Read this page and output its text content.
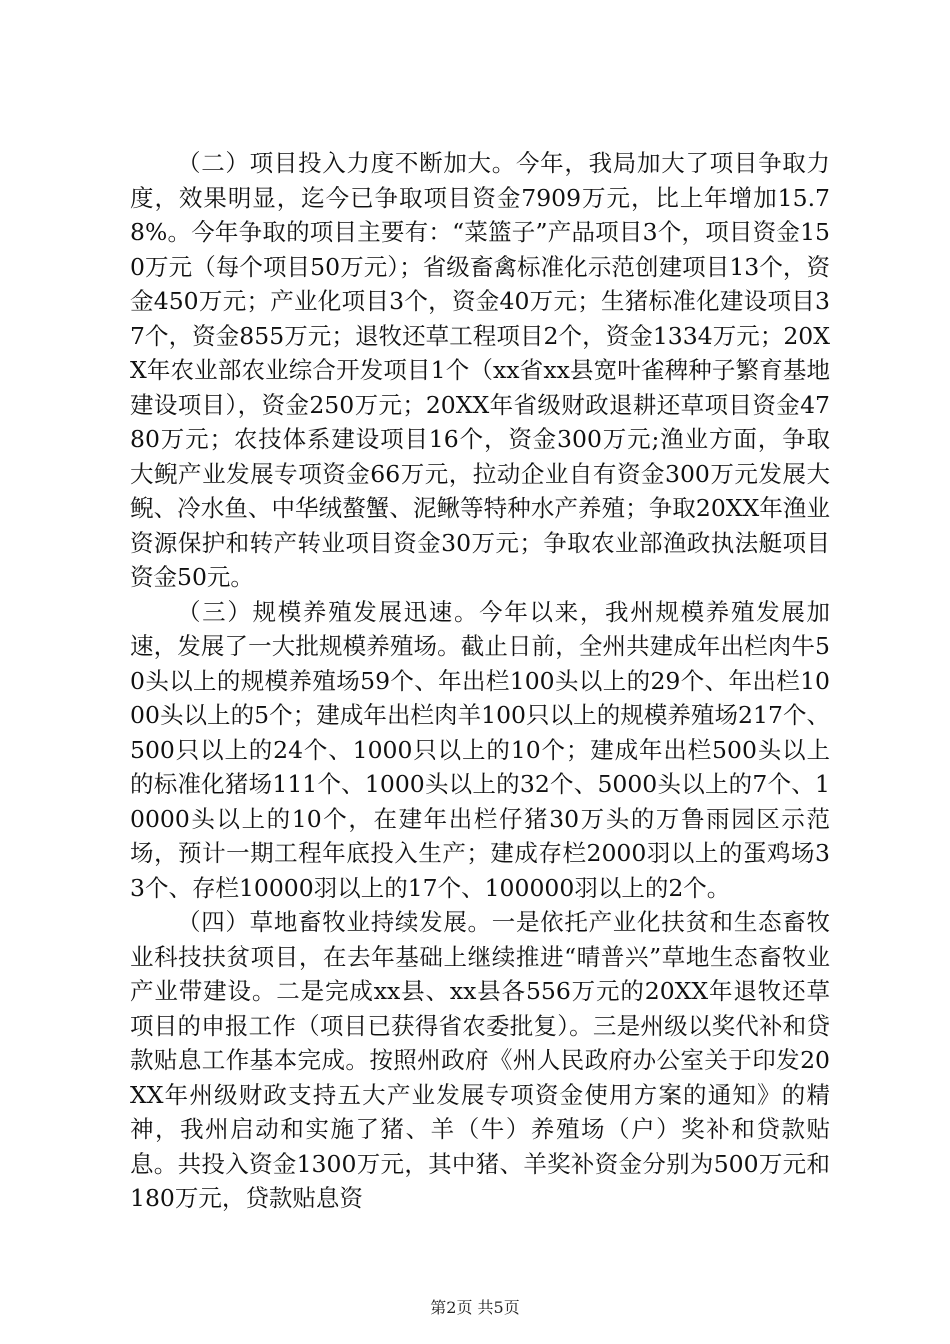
（二）项目投入力度不断加大。今年，我局加大了项目争取力度，效果明显，迄今已争取项目资金7909万元，比上年增加15.78%。今年争取的项目主要有：“菜篮子”产品项目3个，项目资金150万元（每个项目50万元）；省级畜禽标准化示范创建项目13个，资金450万元；产业化项目3个，资金40万元；生猪标准化建设项目37个，资金855万元；退牧还草工程项目2个，资金1334万元；20XX年农业部农业综合开发项目1个（xx省xx县宽叶雀稗种子繁育基地建设项目），资金250万元；20XX年省级财政退耕还草项目资金4780万元；农技体系建设项目16个，资金300万元;渔业方面，争取大鲵产业发展专项资金66万元，拉动企业自有资金300万元发展大鲵、冷水鱼、中华绒螯蟹、泥鳅等特种水产养殖；争取20XX年渔业资源保护和转产转业项目资金30万元；争取农业部渔政执法艇项目资金50元。

（三）规模养殖发展迅速。今年以来，我州规模养殖发展加速，发展了一大批规模养殖场。截止日前，全州共建成年出栏肉牛50头以上的规模养殖场59个、年出栏100头以上的29个、年出栏1000头以上的5个；建成年出栏肉羊100只以上的规模养殖场217个、500只以上的24个、1000只以上的10个；建成年出栏500头以上的标准化猪场111个、1000头以上的32个、5000头以上的7个、10000头以上的10个，在建年出栏仔猪30万头的万鲁雨园区示范场，预计一期工程年底投入生产；建成存栏2000羽以上的蛋鸡场33个、存栏10000羽以上的17个、100000羽以上的2个。

（四）草地畜牧业持续发展。一是依托产业化扶贫和生态畜牧业科技扶贫项目，在去年基础上继续推进“晴普兴”草地生态畜牧业产业带建设。二是完成xx县、xx县各556万元的20XX年退牧还草项目的申报工作（项目已获得省农委批复）。三是州级以奖代补和贷款贴息工作基本完成。按照州政府《州人民政府办公室关于印发20XX年州级财政支持五大产业发展专项资金使用方案的通知》的精神，我州启动和实施了猪、羊（牛）养殖场（户）奖补和贷款贴息。共投入资金1300万元，其中猪、羊奖补资金分别为500万元和180万元，贷款贴息资

第2页 共5页
